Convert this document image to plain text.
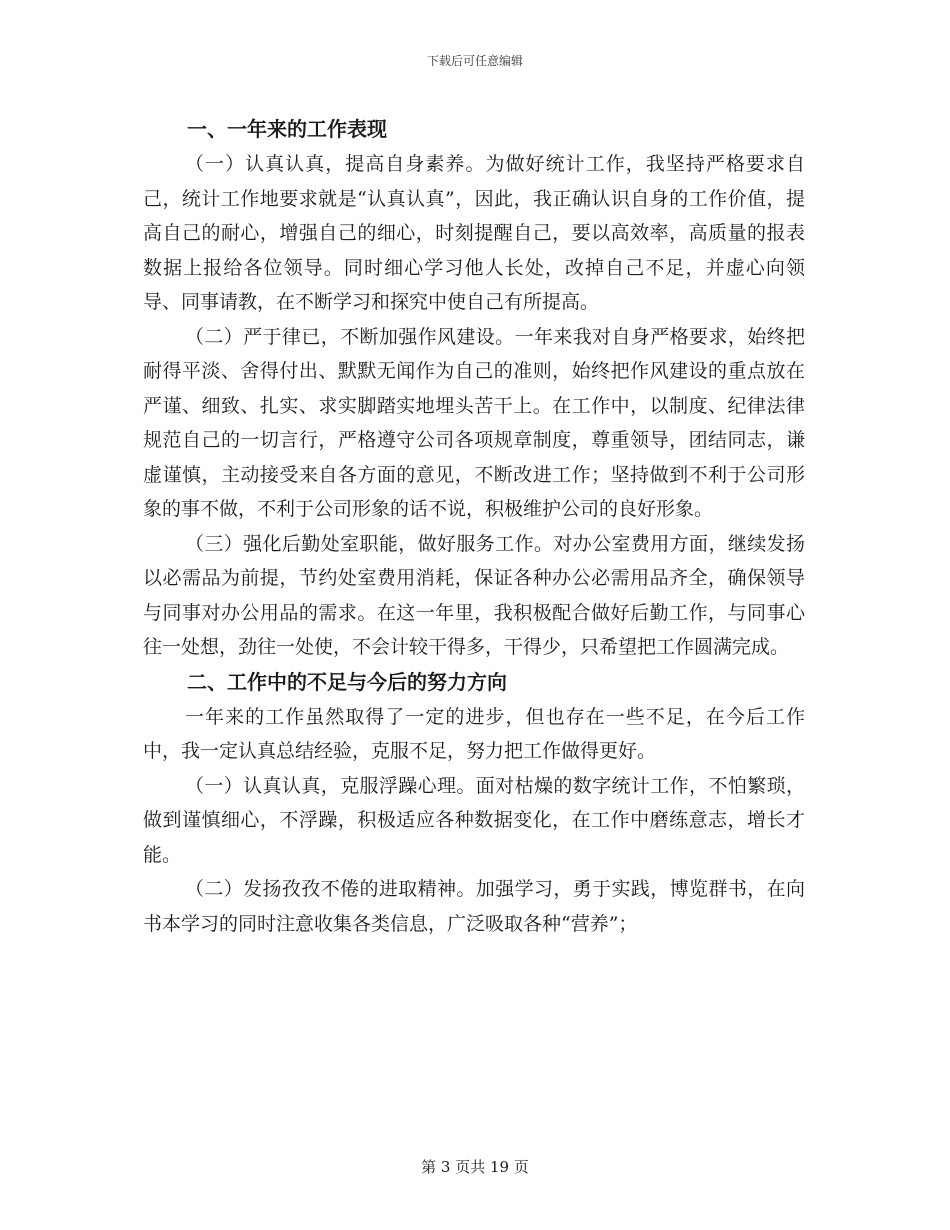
下载后可任意编辑
一、一年来的工作表现

（一）认真认真，提高自身素养。为做好统计工作，我坚持严格要求自己，统计工作地要求就是“认真认真”，因此，我正确认识自身的工作价值，提高自己的耐心，增强自己的细心，时刻提醒自己，要以高效率，高质量的报表数据上报给各位领导。同时细心学习他人长处，改掉自己不足，并虚心向领导、同事请教，在不断学习和探究中使自己有所提高。

（二）严于律已，不断加强作风建设。一年来我对自身严格要求，始终把耐得平淡、舍得付出、默默无闻作为自己的准则，始终把作风建设的重点放在严谨、细致、扎实、求实脚踏实地埋头苦干上。在工作中，以制度、纪律法律规范自己的一切言行，严格遵守公司各项规章制度，尊重领导，团结同志，谦虚谨慎，主动接受来自各方面的意见，不断改进工作；坚持做到不利于公司形象的事不做，不利于公司形象的话不说，积极维护公司的良好形象。

（三）强化后勤处室职能，做好服务工作。对办公室费用方面，继续发扬以必需品为前提，节约处室费用消耗，保证各种办公必需用品齐全，确保领导与同事对办公用品的需求。在这一年里，我积极配合做好后勤工作，与同事心往一处想，劲往一处使，不会计较干得多，干得少，只希望把工作圆满完成。

二、工作中的不足与今后的努力方向

一年来的工作虽然取得了一定的进步，但也存在一些不足，在今后工作中，我一定认真总结经验，克服不足，努力把工作做得更好。

（一）认真认真，克服浮躁心理。面对枯燥的数字统计工作，不怕繁琐，做到谨慎细心，不浮躁，积极适应各种数据变化，在工作中磨练意志，增长才能。

（二）发扬孜孜不倦的进取精神。加强学习，勇于实践，博览群书，在向书本学习的同时注意收集各类信息，广泛吸取各种“营养”；

第 3 页共 19 页
